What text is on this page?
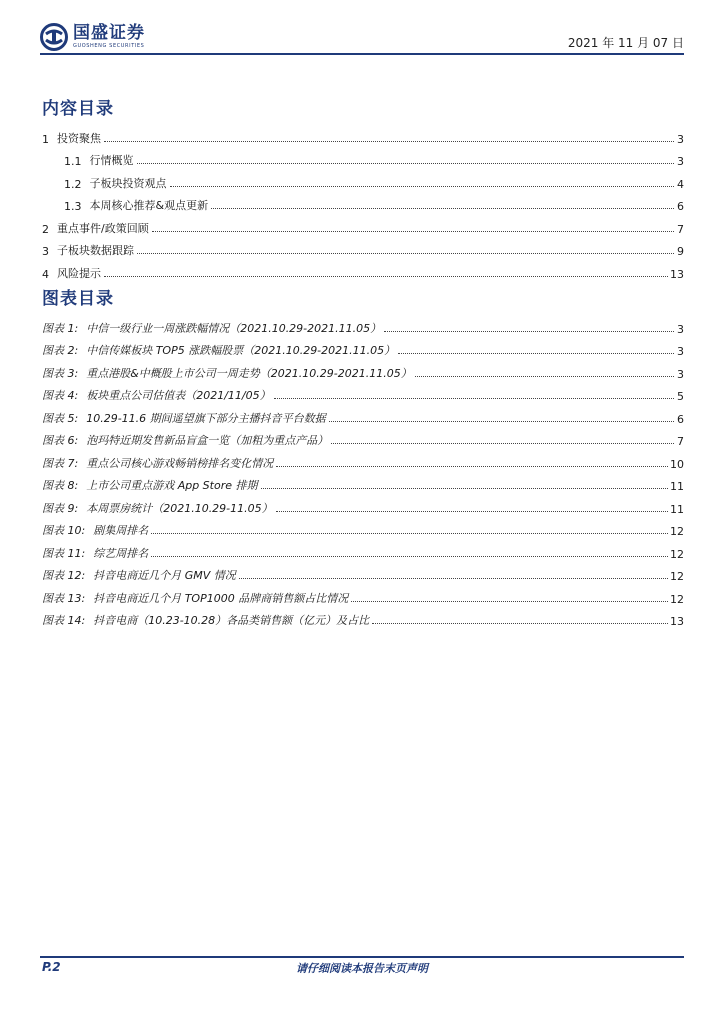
国盛证券
GUOSHENG SECURITIES	2021 年 11 月 07 日
内容目录
1 投资聚焦	3
1.1 行情概览	3
1.2 子板块投资观点	4
1.3 本周核心推荐&观点更新	6
2 重点事件/政策回顾	7
3 子板块数据跟踪	9
4 风险提示	13
图表目录
图表 1: 中信一级行业一周涨跌幅情况（2021.10.29-2021.11.05）	3
图表 2: 中信传媒板块 TOP5 涨跌幅股票（2021.10.29-2021.11.05）	3
图表 3: 重点港股&中概股上市公司一周走势（2021.10.29-2021.11.05）	3
图表 4: 板块重点公司估值表（2021/11/05）	5
图表 5: 10.29-11.6 期间遥望旗下部分主播抖音平台数据	6
图表 6: 泡玛特近期发售新品盲盒一览（加粗为重点产品）	7
图表 7: 重点公司核心游戏畅销榜排名变化情况	10
图表 8: 上市公司重点游戏 App Store 排期	11
图表 9: 本周票房统计（2021.10.29-11.05）	11
图表 10: 剧集周排名	12
图表 11: 综艺周排名	12
图表 12: 抖音电商近几个月 GMV 情况	12
图表 13: 抖音电商近几个月 TOP1000 品牌商销售额占比情况	12
图表 14: 抖音电商（10.23-10.28）各品类销售额（亿元）及占比	13
请仔细阅读本报告末页声明
P.2
